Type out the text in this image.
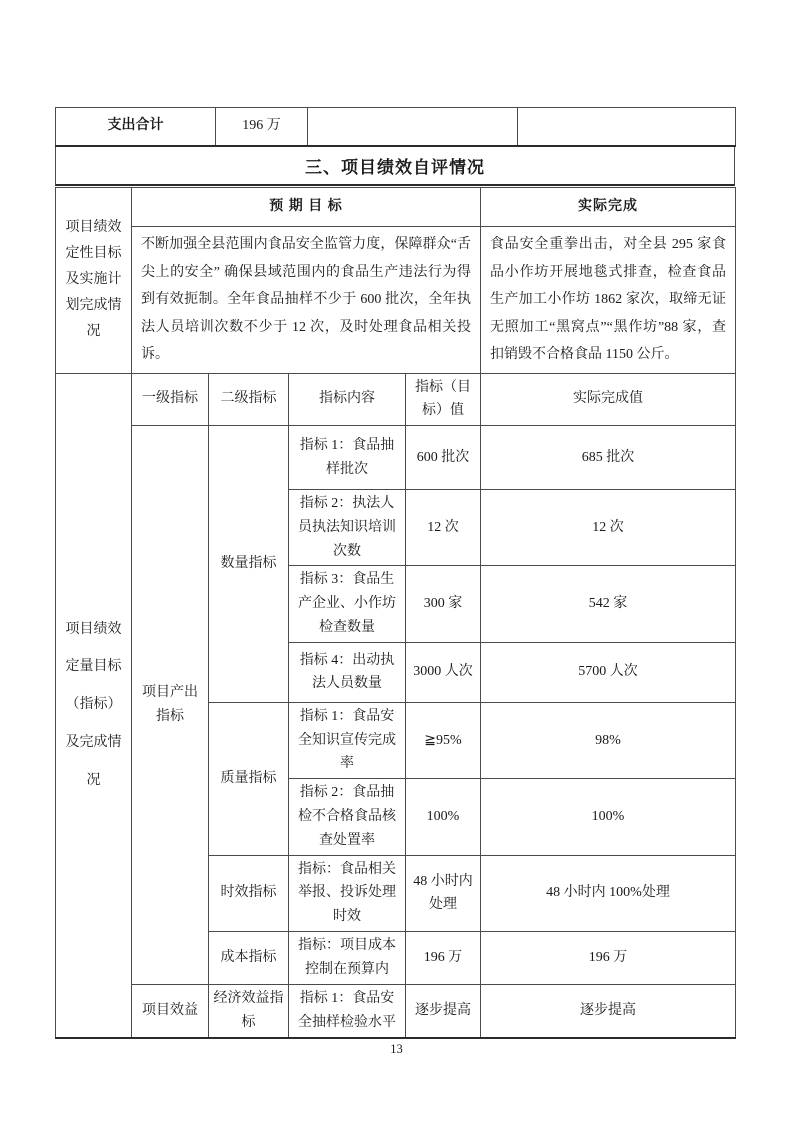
支出合计	196 万		
三、项目绩效自评情况
项目绩效定性目标及实施计划完成情况	预 期 目 标				实际完成
	不断加强全县范围内食品安全监管力度，保障群众“舌尖上的安全” 确保县域范围内的食品生产违法行为得到有效扼制。全年食品抽样不少于 600 批次，全年执法人员培训次数不少于 12 次，及时处理食品相关投诉。				食品安全重拳出击，对全县 295 家食品小作坊开展地毯式排查，检查食品生产加工小作坊 1862 家次，取缔无证无照加工“黑窝点”“黑作坊”88 家，查扣销毁不合格食品 1150 公斤。
项目绩效定量目标（指标）及完成情况	一级指标	二级指标	指标内容	指标（目标）值	实际完成值
	项目产出指标	数量指标	指标 1：食品抽样批次	600 批次	685 批次
			指标 2：执法人员执法知识培训次数	12 次	12 次
			指标 3：食品生产企业、小作坊检查数量	300 家	542 家
			指标 4：出动执法人员数量	3000 人次	5700 人次
		质量指标	指标 1：食品安全知识宣传完成率	≧95%	98%
			指标 2：食品抽检不合格食品核查处置率	100%	100%
		时效指标	指标：食品相关举报、投诉处理时效	48 小时内处理	48 小时内 100%处理
		成本指标	指标：项目成本控制在预算内	196 万	196 万
	项目效益	经济效益指标	指标 1：食品安全抽样检验水平	逐步提高	逐步提高
13
